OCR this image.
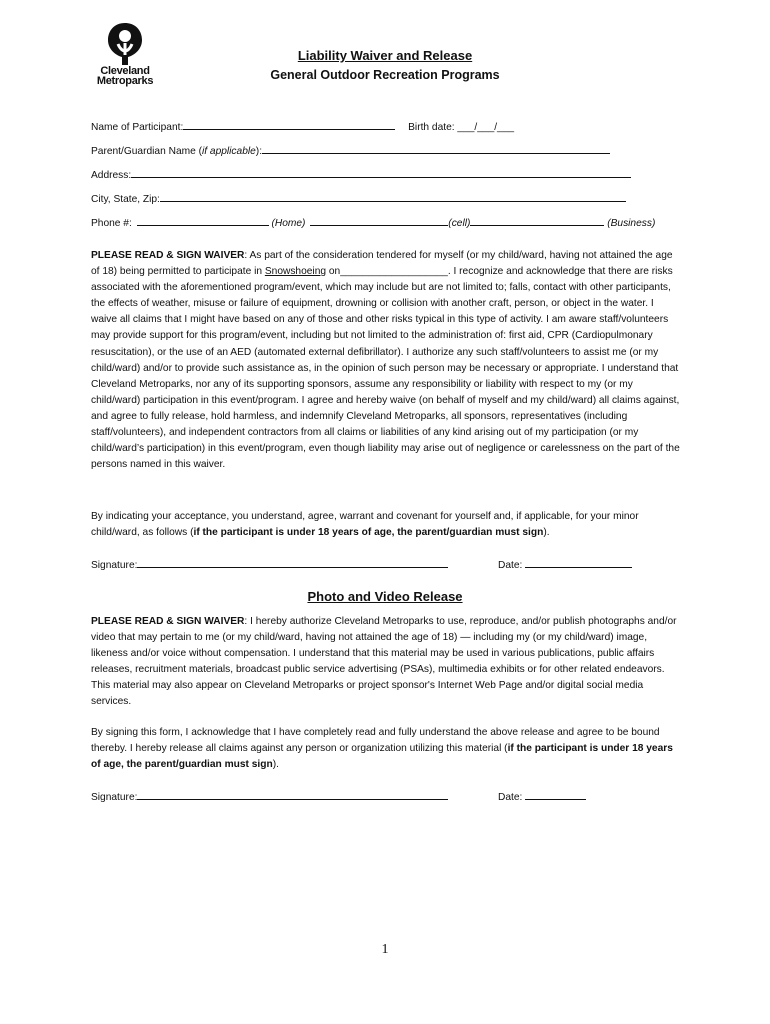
Cleveland
Metroparks
Liability Waiver and Release
General Outdoor Recreation Programs
Name of Participant:	Birth date: ___/___/___
Parent/Guardian Name (if applicable):
Address:
City, State, Zip:
Phone #:	(Home)	(cell)	(Business)
PLEASE READ & SIGN WAIVER: As part of the consideration tendered for myself (or my child/ward, having not attained the age of 18) being permitted to participate in Snowshoeing on___________________. I recognize and acknowledge that there are risks associated with the aforementioned program/event, which may include but are not limited to; falls, contact with other participants, the effects of weather, misuse or failure of equipment, drowning or collision with another craft, person, or object in the water. I waive all claims that I might have based on any of those and other risks typical in this type of activity. I am aware staff/volunteers may provide support for this program/event, including but not limited to the administration of: first aid, CPR (Cardiopulmonary resuscitation), or the use of an AED (automated external defibrillator). I authorize any such staff/volunteers to assist me (or my child/ward) and/or to provide such assistance as, in the opinion of such person may be necessary or appropriate. I understand that Cleveland Metroparks, nor any of its supporting sponsors, assume any responsibility or liability with respect to my (or my child/ward) participation in this event/program. I agree and hereby waive (on behalf of myself and my child/ward) all claims against, and agree to fully release, hold harmless, and indemnify Cleveland Metroparks, all sponsors, representatives (including staff/volunteers), and independent contractors from all claims or liabilities of any kind arising out of my participation (or my child/ward’s participation) in this event/program, even though liability may arise out of negligence or carelessness on the part of the persons named in this waiver.
By indicating your acceptance, you understand, agree, warrant and covenant for yourself and, if applicable, for your minor child/ward, as follows (if the participant is under 18 years of age, the parent/guardian must sign).
Signature:	Date:
Photo and Video Release
PLEASE READ & SIGN WAIVER: I hereby authorize Cleveland Metroparks to use, reproduce, and/or publish photographs and/or video that may pertain to me (or my child/ward, having not attained the age of 18) — including my (or my child/ward) image, likeness and/or voice without compensation. I understand that this material may be used in various publications, public affairs releases, recruitment materials, broadcast public service advertising (PSAs), multimedia exhibits or for other related endeavors. This material may also appear on Cleveland Metroparks or project sponsor's Internet Web Page and/or digital social media services.
By signing this form, I acknowledge that I have completely read and fully understand the above release and agree to be bound thereby. I hereby release all claims against any person or organization utilizing this material (if the participant is under 18 years of age, the parent/guardian must sign).
Signature:	Date:
1
